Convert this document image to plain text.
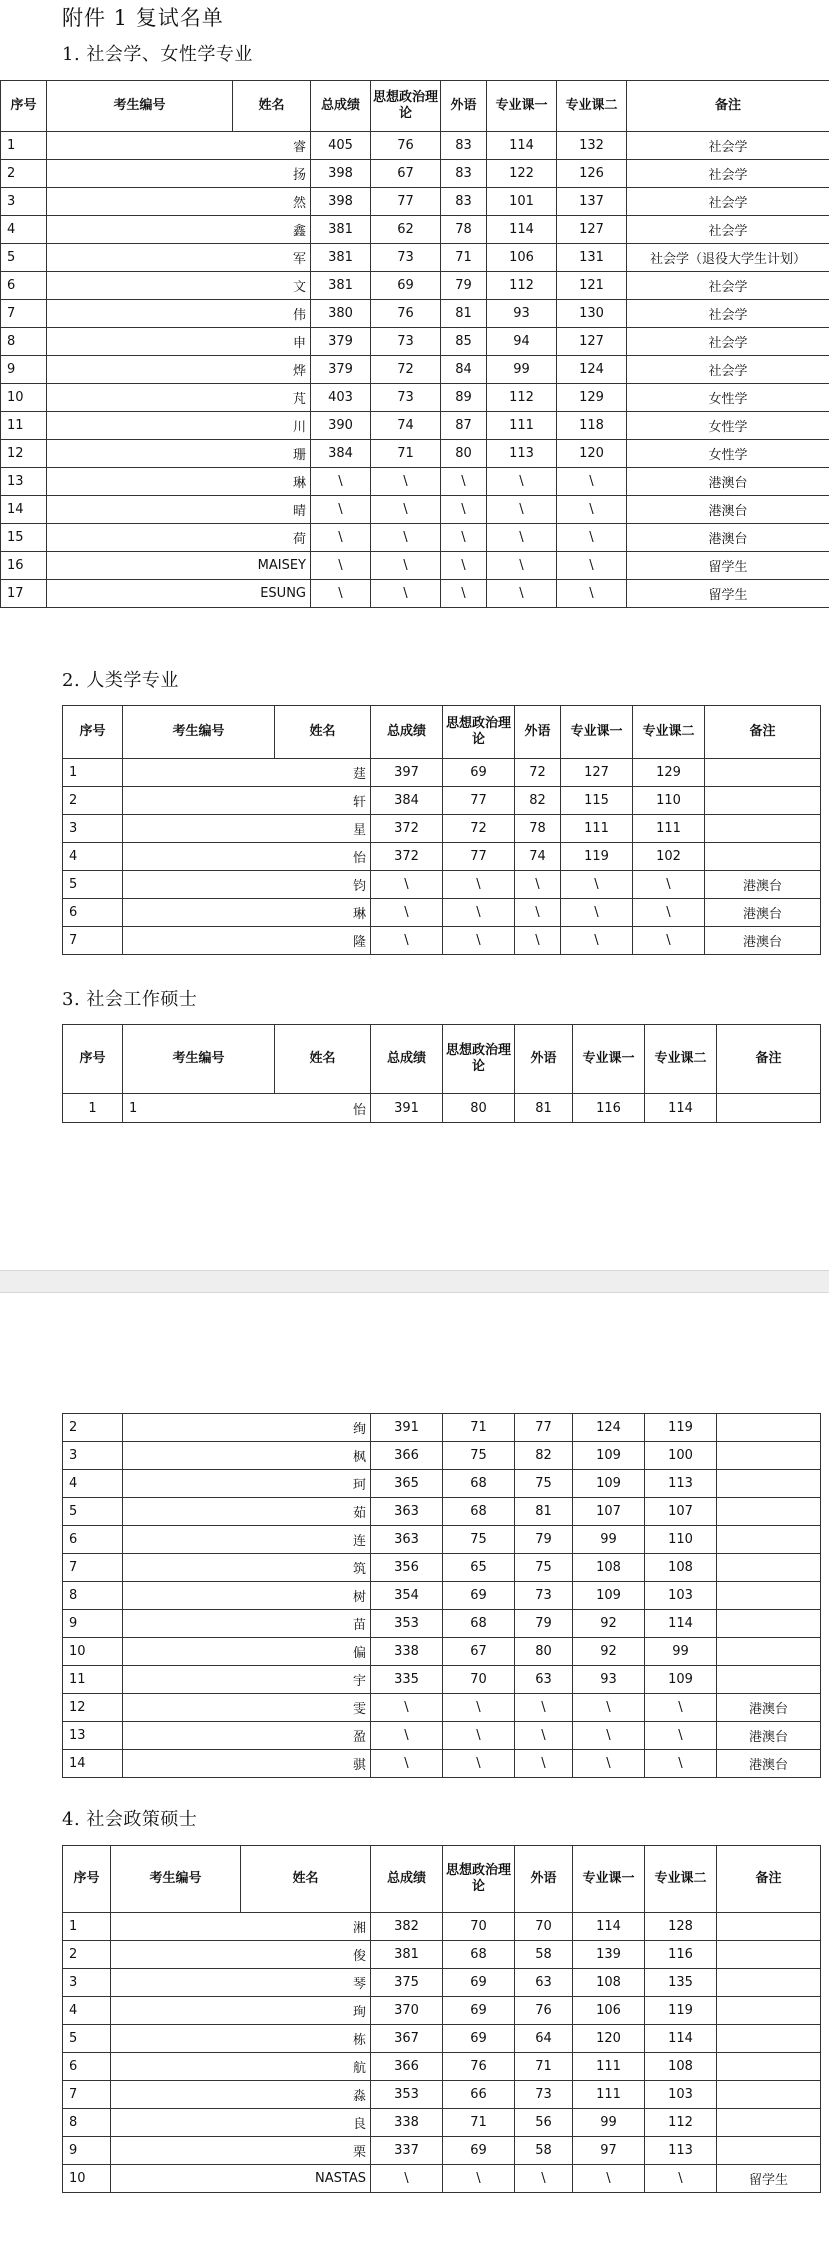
附件 1 复试名单
1. 社会学、女性学专业
序号	考生编号	姓名	总成绩	思想政治理论	外语	专业课一	专业课二	备注
1		睿	405	76	83	114	132	社会学
2		扬	398	67	83	122	126	社会学
3		然	398	77	83	101	137	社会学
4		鑫	381	62	78	114	127	社会学
5		军	381	73	71	106	131	社会学（退役大学生计划）
6		文	381	69	79	112	121	社会学
7		伟	380	76	81	93	130	社会学
8		申	379	73	85	94	127	社会学
9		烨	379	72	84	99	124	社会学
10		芃	403	73	89	112	129	女性学
11		川	390	74	87	111	118	女性学
12		珊	384	71	80	113	120	女性学
13		琳	\	\	\	\	\	港澳台
14		晴	\	\	\	\	\	港澳台
15		荷	\	\	\	\	\	港澳台
16		MAISEY	\	\	\	\	\	留学生
17		ESUNG	\	\	\	\	\	留学生
2. 人类学专业
序号	考生编号	姓名	总成绩	思想政治理论	外语	专业课一	专业课二	备注
1		莛	397	69	72	127	129	
2		轩	384	77	82	115	110	
3		星	372	72	78	111	111	
4		怡	372	77	74	119	102	
5		钧	\	\	\	\	\	港澳台
6		琳	\	\	\	\	\	港澳台
7		隆	\	\	\	\	\	港澳台
3. 社会工作硕士
序号	考生编号	姓名	总成绩	思想政治理论	外语	专业课一	专业课二	备注
1	1	怡	391	80	81	116	114	
2		绚	391	71	77	124	119	
3		枫	366	75	82	109	100	
4		珂	365	68	75	109	113	
5		茹	363	68	81	107	107	
6		连	363	75	79	99	110	
7		筑	356	65	75	108	108	
8		树	354	69	73	109	103	
9		苗	353	68	79	92	114	
10		偏	338	67	80	92	99	
11		宇	335	70	63	93	109	
12		雯	\	\	\	\	\	港澳台
13		盈	\	\	\	\	\	港澳台
14		骐	\	\	\	\	\	港澳台
4. 社会政策硕士
序号	考生编号	姓名	总成绩	思想政治理论	外语	专业课一	专业课二	备注
1		湘	382	70	70	114	128	
2		俊	381	68	58	139	116	
3		琴	375	69	63	108	135	
4		珣	370	69	76	106	119	
5		栋	367	69	64	120	114	
6		航	366	76	71	111	108	
7		淼	353	66	73	111	103	
8		良	338	71	56	99	112	
9		栗	337	69	58	97	113	
10		NASTAS	\	\	\	\	\	留学生
